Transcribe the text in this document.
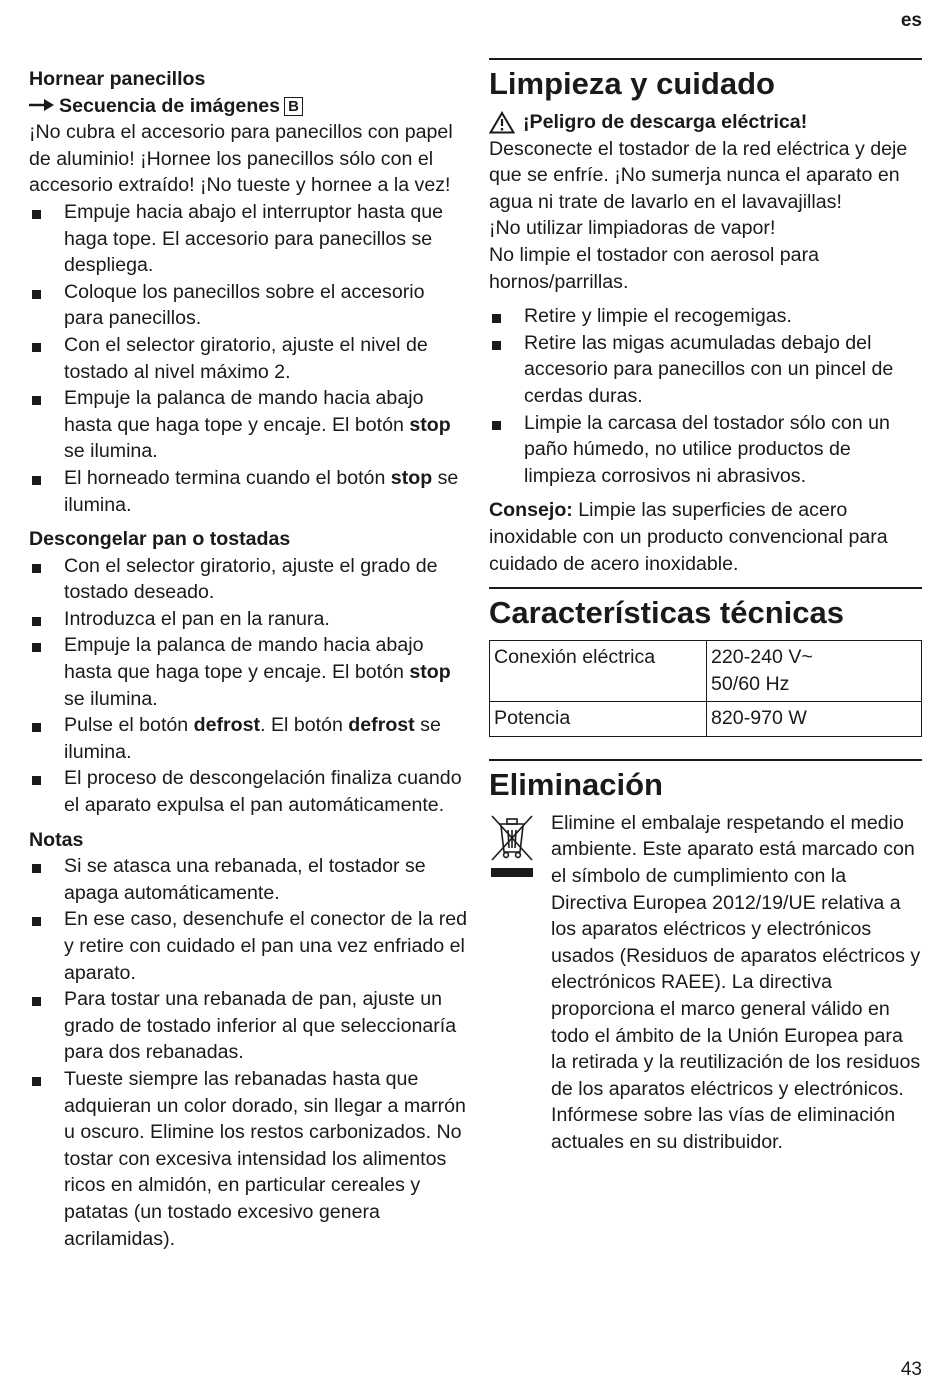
es

Hornear panecillos

Secuencia de imágenes B

¡No cubra el accesorio para panecillos con papel de aluminio! ¡Hornee los panecillos sólo con el accesorio extraído! ¡No tueste y hornee a la vez!

Empuje hacia abajo el interruptor hasta que haga tope. El accesorio para panecillos se despliega.
Coloque los panecillos sobre el accesorio para panecillos.
Con el selector giratorio, ajuste el nivel de tostado al nivel máximo 2.
Empuje la palanca de mando hacia abajo hasta que haga tope y encaje. El botón stop se ilumina.
El horneado termina cuando el botón stop se ilumina.

Descongelar pan o tostadas

Con el selector giratorio, ajuste el grado de tostado deseado.
Introduzca el pan en la ranura.
Empuje la palanca de mando hacia abajo hasta que haga tope y encaje. El botón stop se ilumina.
Pulse el botón defrost. El botón defrost se ilumina.
El proceso de descongelación finaliza cuando el aparato expulsa el pan automáticamente.

Notas

Si se atasca una rebanada, el tostador se apaga automáticamente.
En ese caso, desenchufe el conector de la red y retire con cuidado el pan una vez enfriado el aparato.
Para tostar una rebanada de pan, ajuste un grado de tostado inferior al que seleccionaría para dos rebanadas.
Tueste siempre las rebanadas hasta que adquieran un color dorado, sin llegar a marrón u oscuro. Elimine los restos carbonizados. No tostar con excesiva intensidad los alimentos ricos en almidón, en particular cereales y patatas (un tostado excesivo genera acrilamidas).
Limpieza y cuidado

¡Peligro de descarga eléctrica!

Desconecte el tostador de la red eléctrica y deje que se enfríe. ¡No sumerja nunca el aparato en agua ni trate de lavarlo en el lavavajillas!

¡No utilizar limpiadoras de vapor!

No limpie el tostador con aerosol para hornos/parrillas.

Retire y limpie el recogemigas.
Retire las migas acumuladas debajo del accesorio para panecillos con un pincel de cerdas duras.
Limpie la carcasa del tostador sólo con un paño húmedo, no utilice productos de limpieza corrosivos ni abrasivos.

Consejo: Limpie las superficies de acero inoxidable con un producto convencional para cuidado de acero inoxidable.

Características técnicas
Conexión eléctrica	220-240 V~
50/60 Hz
Potencia	820-970 W
Eliminación

Elimine el embalaje respetando el medio ambiente. Este aparato está marcado con el símbolo de cumplimiento con la Directiva Europea 2012/19/UE relativa a los aparatos eléctricos y electrónicos usados (Residuos de aparatos eléctricos y electrónicos RAEE). La directiva proporciona el marco general válido en todo el ámbito de la Unión Europea para la retirada y la reutilización de los residuos de los aparatos eléctricos y electrónicos. Infórmese sobre las vías de eliminación actuales en su distribuidor.

43
